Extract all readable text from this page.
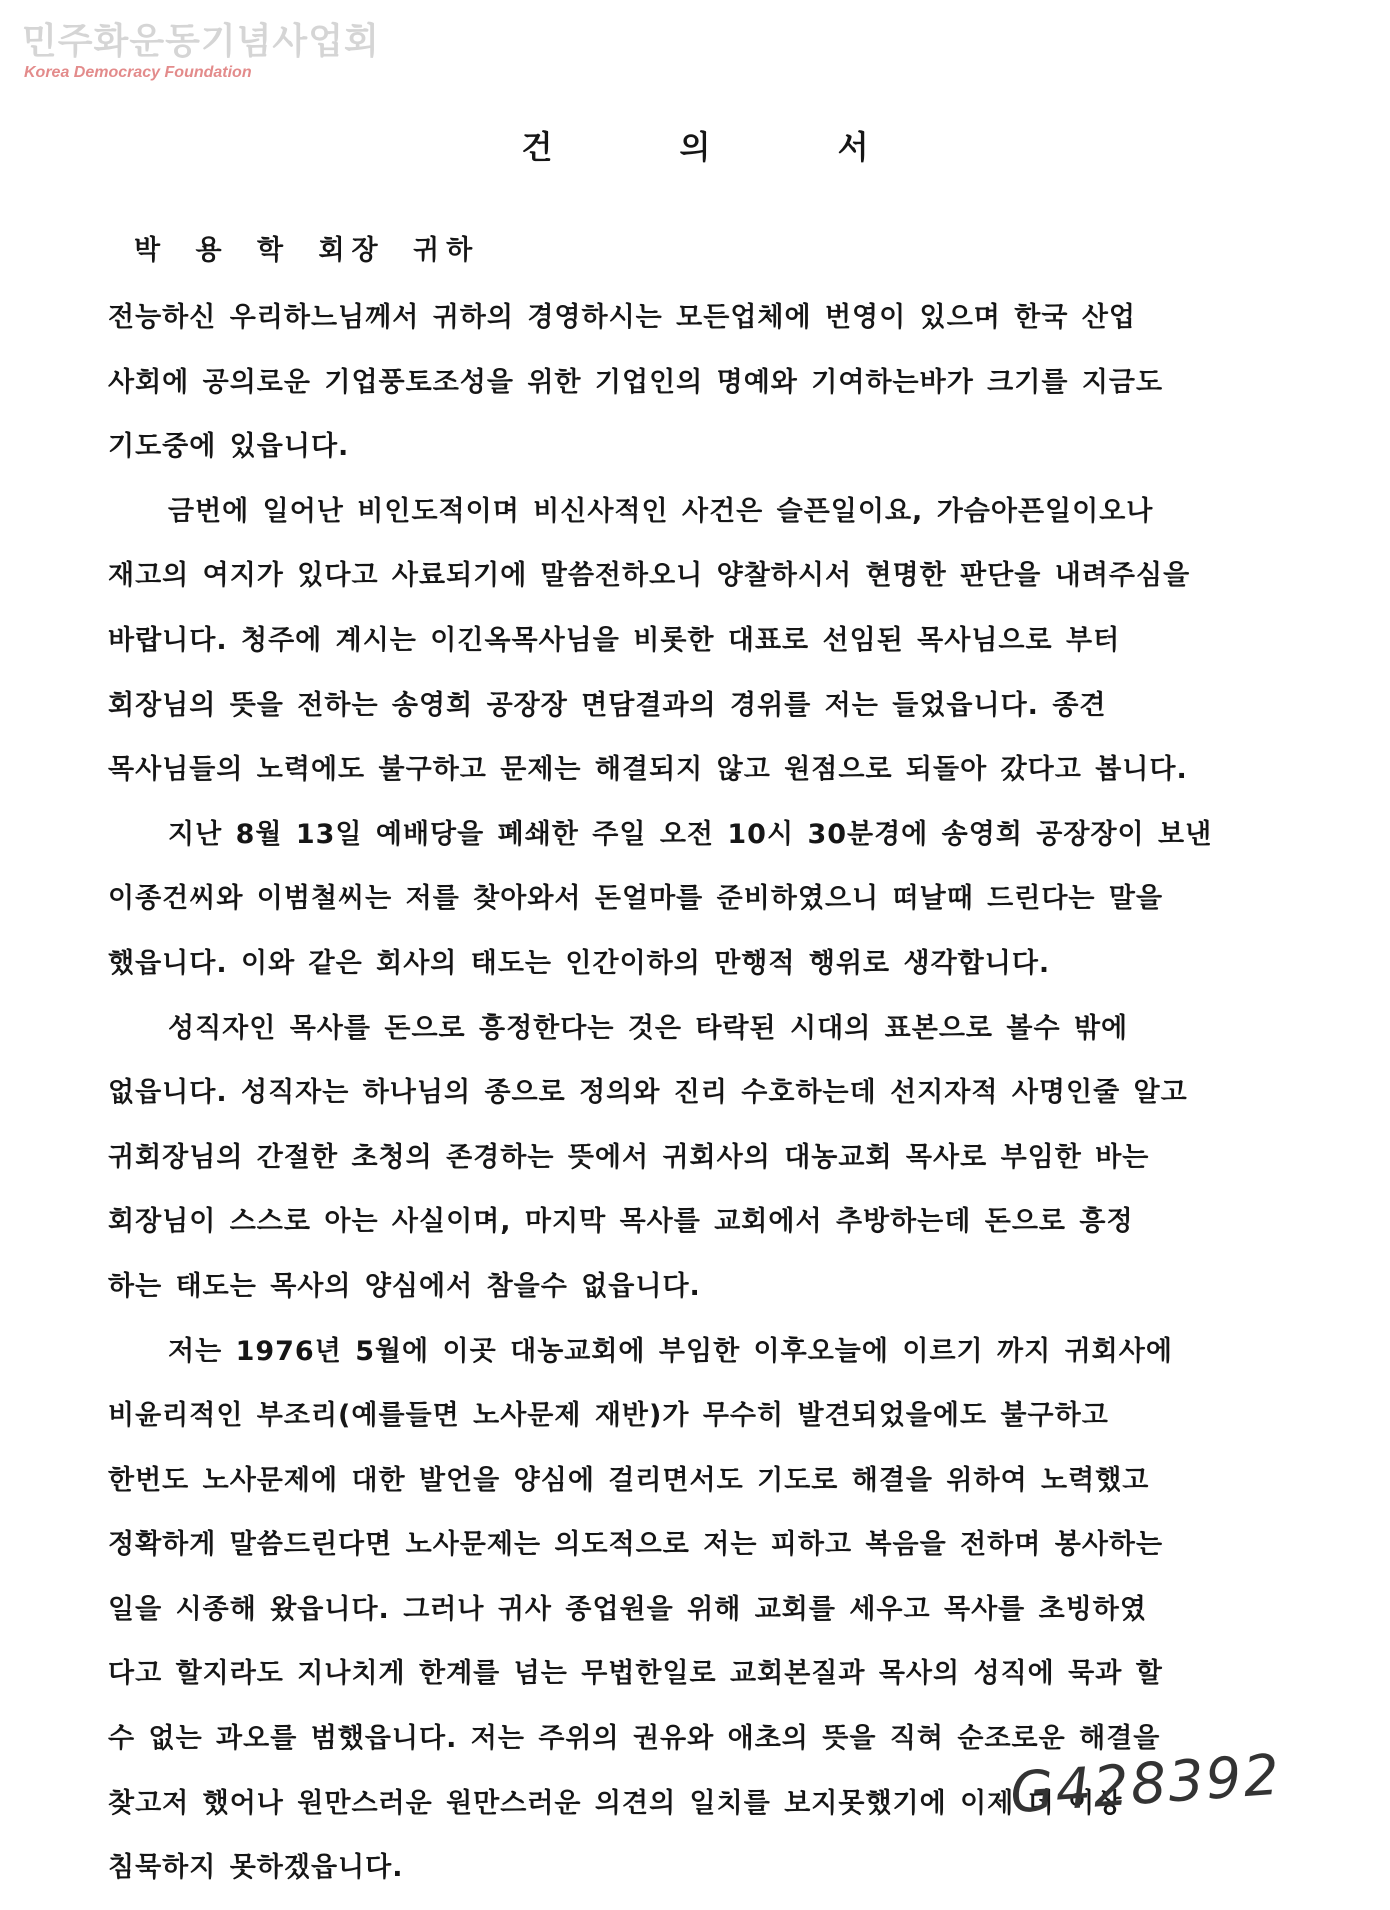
민주화운동기념사업회
Korea Democracy Foundation
건 의 서
박 용 학 회장 귀하
전능하신 우리하느님께서 귀하의 경영하시는 모든업체에 번영이 있으며 한국 산업
사회에 공의로운 기업풍토조성을 위한 기업인의 명예와 기여하는바가 크기를 지금도
기도중에 있읍니다.
금번에 일어난 비인도적이며 비신사적인 사건은 슬픈일이요, 가슴아픈일이오나
재고의 여지가 있다고 사료되기에 말씀전하오니 양찰하시서 현명한 판단을 내려주심을
바랍니다. 청주에 계시는 이긴옥목사님을 비롯한 대표로 선임된 목사님으로 부터
회장님의 뜻을 전하는 송영희 공장장 면담결과의 경위를 저는 들었읍니다. 종견
목사님들의 노력에도 불구하고 문제는 해결되지 않고 원점으로 되돌아 갔다고 봅니다.
지난 8월 13일 예배당을 폐쇄한 주일 오전 10시 30분경에 송영희 공장장이 보낸
이종건씨와 이범철씨는 저를 찾아와서 돈얼마를 준비하였으니 떠날때 드린다는 말을
했읍니다. 이와 같은 회사의 태도는 인간이하의 만행적 행위로 생각합니다.
성직자인 목사를 돈으로 흥정한다는 것은 타락된 시대의 표본으로 볼수 밖에
없읍니다. 성직자는 하나님의 종으로 정의와 진리 수호하는데 선지자적 사명인줄 알고
귀회장님의 간절한 초청의 존경하는 뜻에서 귀회사의 대농교회 목사로 부임한 바는
회장님이 스스로 아는 사실이며, 마지막 목사를 교회에서 추방하는데 돈으로 흥정
하는 태도는 목사의 양심에서 참을수 없읍니다.
저는 1976년 5월에 이곳 대농교회에 부임한 이후오늘에 이르기 까지 귀회사에
비윤리적인 부조리(예를들면 노사문제 재반)가 무수히 발견되었을에도 불구하고
한번도 노사문제에 대한 발언을 양심에 걸리면서도 기도로 해결을 위하여 노력했고
정확하게 말씀드린다면 노사문제는 의도적으로 저는 피하고 복음을 전하며 봉사하는
일을 시종해 왔읍니다. 그러나 귀사 종업원을 위해 교회를 세우고 목사를 초빙하였
다고 할지라도 지나치게 한계를 넘는 무법한일로 교회본질과 목사의 성직에 묵과 할
수 없는 과오를 범했읍니다. 저는 주위의 권유와 애초의 뜻을 직혀 순조로운 해결을
찾고저 했어나 원만스러운 원만스러운 의견의 일치를 보지못했기에 이제 더 이상
침묵하지 못하겠읍니다.
G428392
